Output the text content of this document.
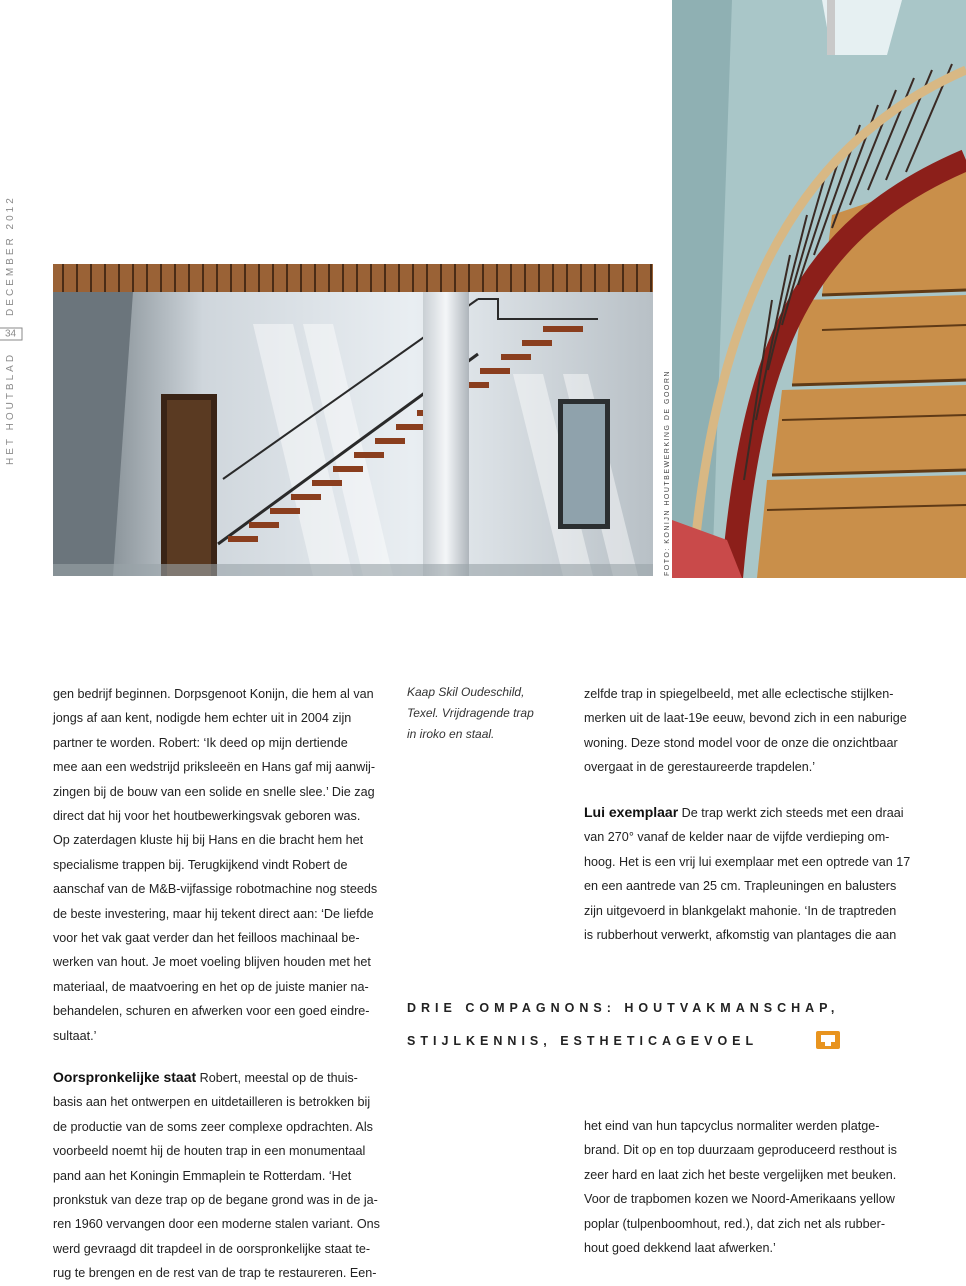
HET HOUTBLAD
34
DECEMBER 2012
FOTO: KONIJN HOUTBEWERKING DE GOORN

gen bedrijf beginnen. Dorpsgenoot Konijn, die hem al van

jongs af aan kent, nodigde hem echter uit in 2004 zijn

partner te worden. Robert: ‘Ik deed op mijn dertiende

mee aan een wedstrijd priksleeën en Hans gaf mij aanwij-

zingen bij de bouw van een solide en snelle slee.’ Die zag

direct dat hij voor het houtbewerkingsvak geboren was.

Op zaterdagen kluste hij bij Hans en die bracht hem het

specialisme trappen bij. Terugkijkend vindt Robert de

aanschaf van de M&B-vijfassige robotmachine nog steeds

de beste investering, maar hij tekent direct aan: ‘De liefde

voor het vak gaat verder dan het feilloos machinaal be-

werken van hout. Je moet voeling blijven houden met het

materiaal, de maatvoering en het op de juiste manier na-

behandelen, schuren en afwerken voor een goed eindre-

sultaat.’

Oorspronkelijke staat Robert, meestal op de thuis-

basis aan het ontwerpen en uitdetailleren is betrokken bij

de productie van de soms zeer complexe opdrachten. Als

voorbeeld noemt hij de houten trap in een monumentaal

pand aan het Koningin Emmaplein te Rotterdam. ‘Het

pronkstuk van deze trap op de begane grond was in de ja-

ren 1960 vervangen door een moderne stalen variant. Ons

werd gevraagd dit trapdeel in de oorspronkelijke staat te-

rug te brengen en de rest van de trap te restaureren. Een-

Kaap Skil Oudeschild,
Texel. Vrijdragende trap
in iroko en staal.

zelfde trap in spiegelbeeld, met alle eclectische stijlken-

merken uit de laat-19e eeuw, bevond zich in een naburige

woning. Deze stond model voor de onze die onzichtbaar

overgaat in de gerestaureerde trapdelen.’

Lui exemplaar De trap werkt zich steeds met een draai

van 270° vanaf de kelder naar de vijfde verdieping om-

hoog. Het is een vrij lui exemplaar met een optrede van 17

en een aantrede van 25 cm. Trapleuningen en balusters

zijn uitgevoerd in blankgelakt mahonie. ‘In de traptreden

is rubberhout verwerkt, afkomstig van plantages die aan

DRIE COMPAGNONS: HOUTVAKMANSCHAP,
STIJLKENNIS, ESTHETICAGEVOEL

het eind van hun tapcyclus normaliter werden platge-

brand. Dit op en top duurzaam geproduceerd resthout is

zeer hard en laat zich het beste vergelijken met beuken.

Voor de trapbomen kozen we Noord-Amerikaans yellow

poplar (tulpenboomhout, red.), dat zich net als rubber-

hout goed dekkend laat afwerken.’
